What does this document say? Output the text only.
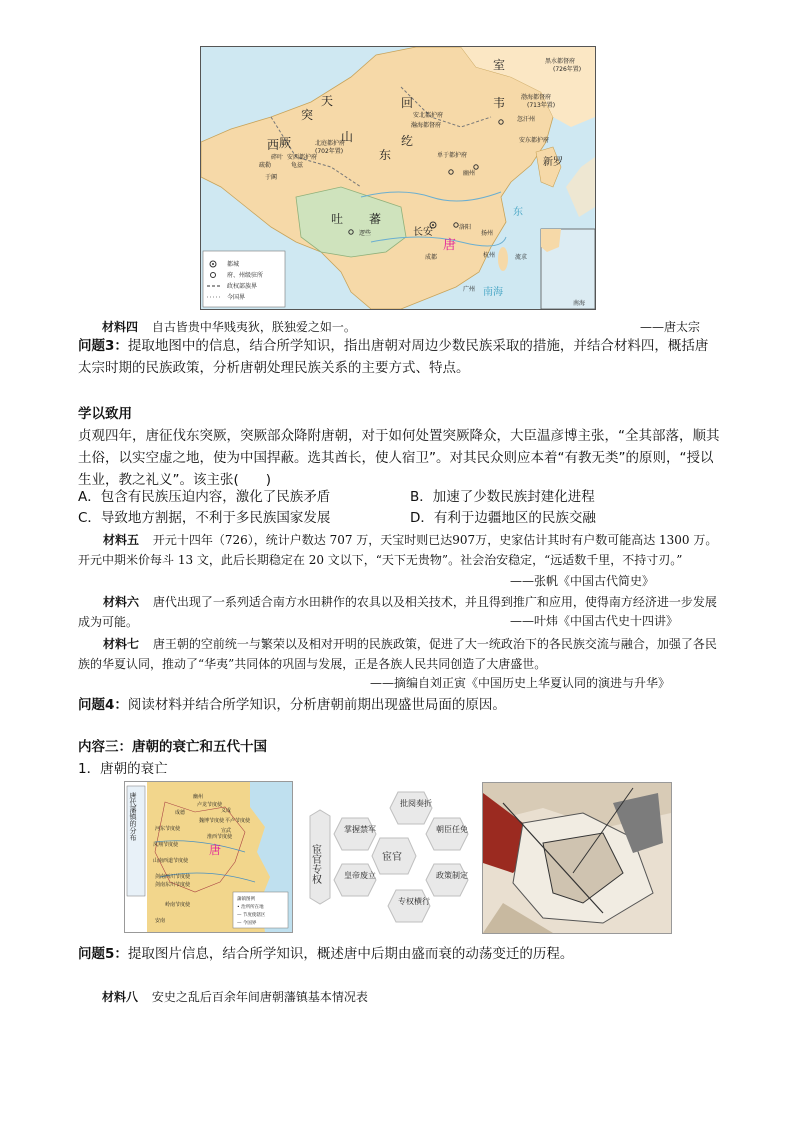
室
韦
黑水都督府
(726年置)
渤海都督府
(713年置)
忽汗州
安东都护府
新罗
回
纥
安北都护府
瀚海都督府
突
天
山
厥
西
东
北庭都护府
(702年置)
安西都护府
碎叶
疏勒	龟兹
于阗
单于都护府
幽州
长安	洛阳
唐
吐 蕃
逻些	扬州
成都	杭州
广州
流求
东
南海
南海
都城
府、州级驻所
政权部族界
今国界
材料四 自古皆贵中华贱夷狄，朕独爱之如一。	——唐太宗
问题3：提取地图中的信息，结合所学知识，指出唐朝对周边少数民族采取的措施，并结合材料四，概括唐太宗时期的民族政策，分析唐朝处理民族关系的主要方式、特点。
学以致用
贞观四年，唐征伐东突厥，突厥部众降附唐朝，对于如何处置突厥降众，大臣温彦博主张，“全其部落，顺其土俗，以实空虚之地，使为中国捍蔽。选其酋长，使人宿卫”。对其民众则应本着“有教无类”的原则，“授以生业，教之礼义”。该主张(　　)
A．包含有民族压迫内容，激化了民族矛盾	B．加速了少数民族封建化进程
C．导致地方割据，不利于多民族国家发展	D．有利于边疆地区的民族交融
材料五 开元十四年（726），统计户数达 707 万，天宝时则已达907万，史家估计其时有户数可能高达 1300 万。开元中期米价每斗 13 文，此后长期稳定在 20 文以下，“天下无贵物”。社会治安稳定，“远适数千里，不持寸刃。”
——张帆《中国古代简史》
材料六 唐代出现了一系列适合南方水田耕作的农具以及相关技术，并且得到推广和应用，使得南方经济进一步发展成为可能。	——叶炜《中国古代史十四讲》
材料七 唐王朝的空前统一与繁荣以及相对开明的民族政策，促进了大一统政治下的各民族交流与融合，加强了各民族的华夏认同，推动了“华夷”共同体的巩固与发展，正是各族人民共同创造了大唐盛世。
——摘编自刘正寅《中国历史上华夏认同的演进与升华》
问题4：阅读材料并结合所学知识，分析唐朝前期出现盛世局面的原因。
内容三：唐朝的衰亡和五代十国
1．唐朝的衰亡
唐代藩镇的分布
唐
幽州
卢龙节度使
成德
魏博节度使 平卢节度使
河东节度使
淮西节度使
凤翔节度使
山南西道节度使
剑南西川节度使
剑南东川节度使
岭南节度使
安南
宣武
义成
藩镇图例
• 治所所在地
— 节度使辖区
— 今国界
宦官专权	宦官
批阅奏折
朝臣任免
政策制定
专权横行
皇帝废立
掌握禁军
问题5：提取图片信息，结合所学知识，概述唐中后期由盛而衰的动荡变迁的历程。
材料八 安史之乱后百余年间唐朝藩镇基本情况表
